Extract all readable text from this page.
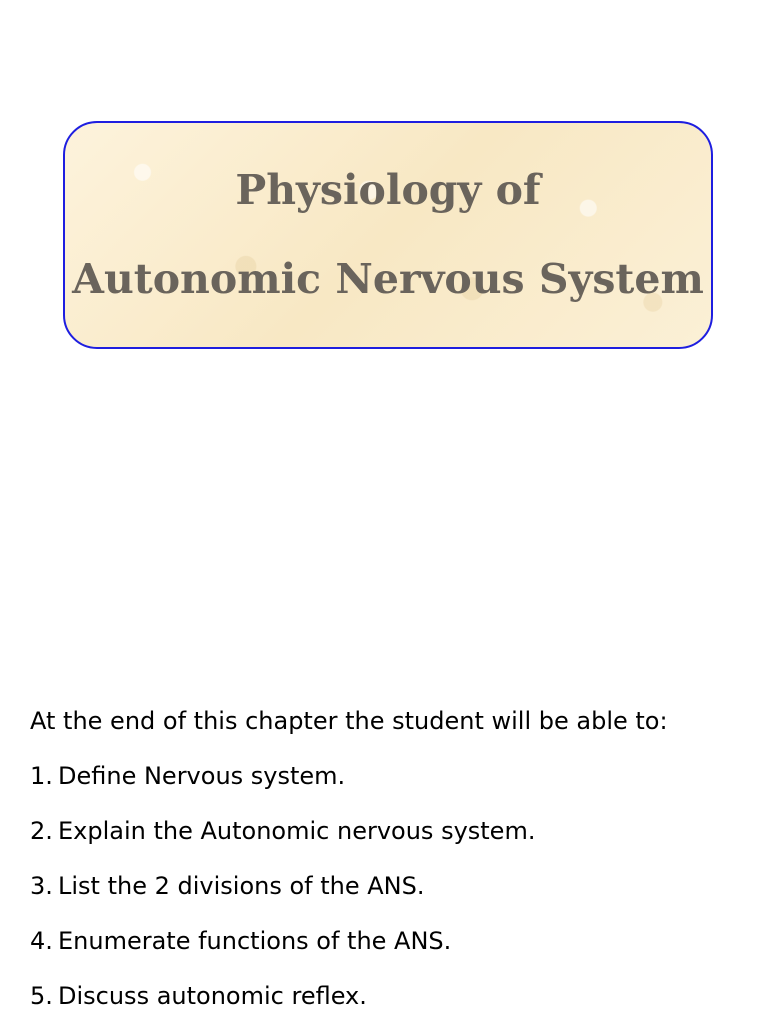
Physiology of
Autonomic Nervous System
At the end of this chapter the student will be able to:
1. Define Nervous system.
2. Explain the Autonomic nervous system.
3. List the 2 divisions of the ANS.
4. Enumerate functions of the ANS.
5. Discuss autonomic reflex.
